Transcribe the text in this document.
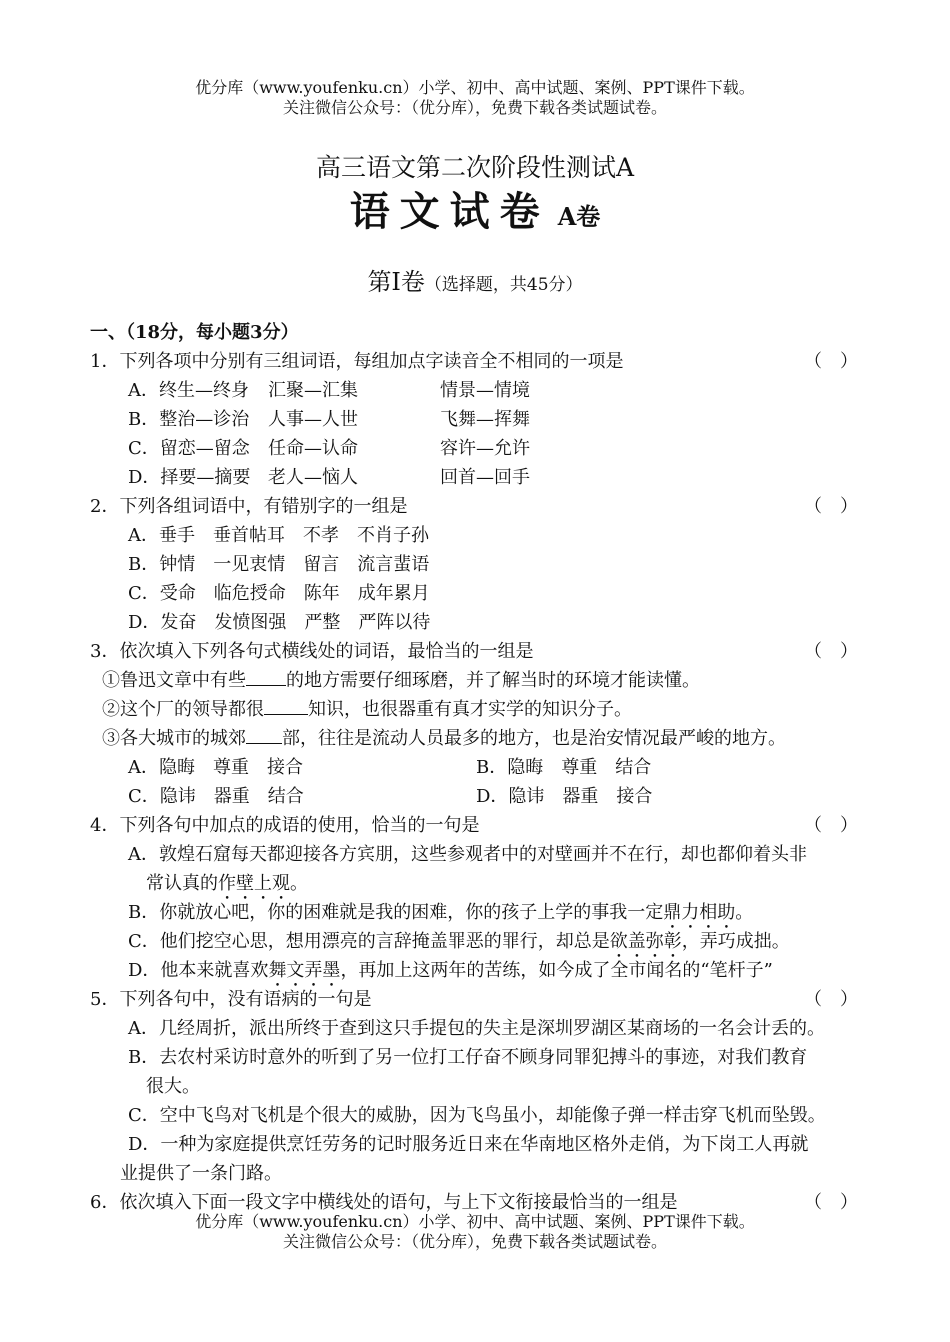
优分库（www.youfenku.cn）小学、初中、高中试题、案例、PPT课件下载。
关注微信公众号：（优分库），免费下载各类试题试卷。
高三语文第二次阶段性测试A
语文试卷 A卷
第Ⅰ卷（选择题，共45分）
一、（18分，每小题3分）
1．下列各项中分别有三组词语，每组加点字读音全不相同的一项是	（　）
A．终生—终身 汇聚—汇集	情景—情境
B．整治—诊治 人事—人世	飞舞—挥舞
C．留恋—留念 任命—认命	容许—允许
D．择要—摘要 老人—恼人	回首—回手
2．下列各组词语中，有错别字的一组是	（　）
A．垂手　垂首帖耳　不孝　不肖子孙
B．钟情　一见衷情　留言　流言蜚语
C．受命　临危授命　陈年　成年累月
D．发奋　发愤图强　严整　严阵以待
3．依次填入下列各句式横线处的词语，最恰当的一组是	（　）
①鲁迅文章中有些 的地方需要仔细琢磨，并了解当时的环境才能读懂。
②这个厂的领导都很 知识，也很器重有真才实学的知识分子。
③各大城市的城郊 部，往往是流动人员最多的地方，也是治安情况最严峻的地方。
A．隐晦　尊重　接合	B．隐晦　尊重　结合
C．隐讳　器重　结合	D．隐讳　器重　接合
4．下列各句中加点的成语的使用，恰当的一句是	（　）
A．敦煌石窟每天都迎接各方宾朋，这些参观者中的对壁画并不在行，却也都仰着头非
常认真的作壁上观。
B．你就放心吧，你的困难就是我的困难，你的孩子上学的事我一定鼎力相助。
C．他们挖空心思，想用漂亮的言辞掩盖罪恶的罪行，却总是欲盖弥彰，弄巧成拙。
D．他本来就喜欢舞文弄墨，再加上这两年的苦练，如今成了全市闻名的“笔杆子”
5．下列各句中，没有语病的一句是	（　）
A．几经周折，派出所终于查到这只手提包的失主是深圳罗湖区某商场的一名会计丢的。
B．去农村采访时意外的听到了另一位打工仔奋不顾身同罪犯搏斗的事迹，对我们教育
很大。
C．空中飞鸟对飞机是个很大的威胁，因为飞鸟虽小，却能像子弹一样击穿飞机而坠毁。
D．一种为家庭提供烹饪劳务的记时服务近日来在华南地区格外走俏，为下岗工人再就
业提供了一条门路。
6．依次填入下面一段文字中横线处的语句，与上下文衔接最恰当的一组是	（　）
优分库（www.youfenku.cn）小学、初中、高中试题、案例、PPT课件下载。
关注微信公众号：（优分库），免费下载各类试题试卷。
